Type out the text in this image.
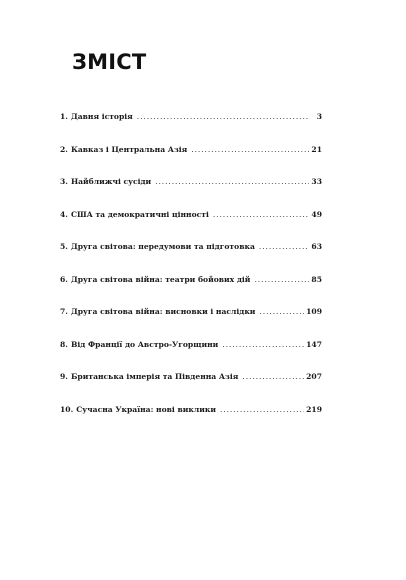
ЗМІСТ
1. Давня історія .....	3
2. Кавказ і Центральна Азія .....	21
3. Найближчі сусіди .....	33
4. США та демократичні цінності .....	49
5. Друга світова: передумови та підготовка .....	63
6. Друга світова війна: театри бойових дій .....	85
7. Друга світова війна: висновки і наслідки .....	109
8. Від Франції до Австро-Угорщини .....	147
9. Британська імперія та Південна Азія .....	207
10. Сучасна Україна: нові виклики .....	219
